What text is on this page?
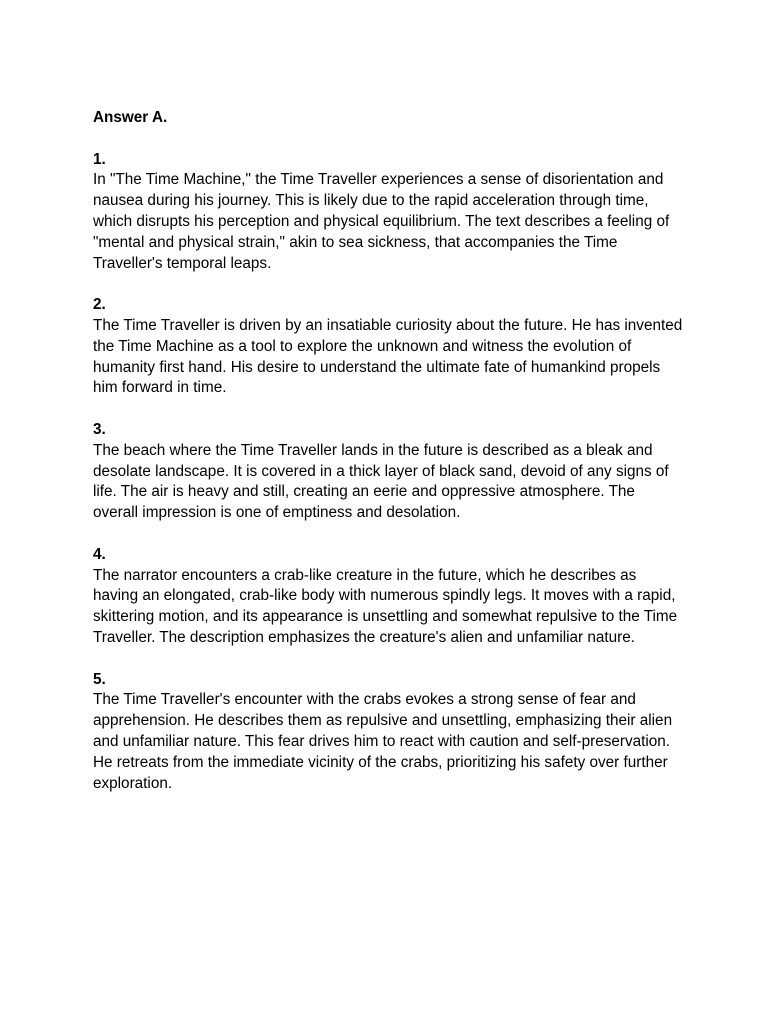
Answer A.

1.

In "The Time Machine," the Time Traveller experiences a sense of disorientation and nausea during his journey. This is likely due to the rapid acceleration through time, which disrupts his perception and physical equilibrium. The text describes a feeling of "mental and physical strain," akin to sea sickness, that accompanies the Time Traveller's temporal leaps.

2.

The Time Traveller is driven by an insatiable curiosity about the future. He has invented the Time Machine as a tool to explore the unknown and witness the evolution of humanity first hand. His desire to understand the ultimate fate of humankind propels him forward in time.

3.

The beach where the Time Traveller lands in the future is described as a bleak and desolate landscape. It is covered in a thick layer of black sand, devoid of any signs of life. The air is heavy and still, creating an eerie and oppressive atmosphere. The overall impression is one of emptiness and desolation.

4.

The narrator encounters a crab-like creature in the future, which he describes as having an elongated, crab-like body with numerous spindly legs. It moves with a rapid, skittering motion, and its appearance is unsettling and somewhat repulsive to the Time Traveller. The description emphasizes the creature's alien and unfamiliar nature.

5.

The Time Traveller's encounter with the crabs evokes a strong sense of fear and apprehension. He describes them as repulsive and unsettling, emphasizing their alien and unfamiliar nature. This fear drives him to react with caution and self-preservation. He retreats from the immediate vicinity of the crabs, prioritizing his safety over further exploration.
